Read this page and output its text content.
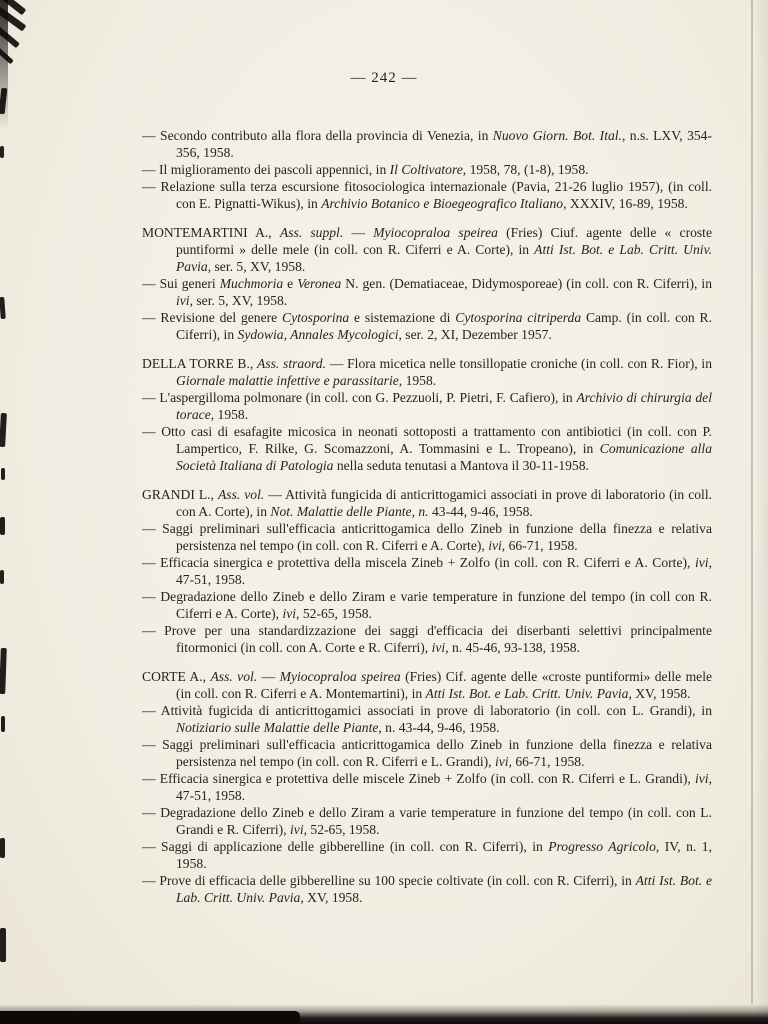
— 242 —

— Secondo contributo alla flora della provincia di Venezia, in Nuovo Giorn. Bot. Ital., n.s. LXV, 354-356, 1958.

— Il miglioramento dei pascoli appennici, in Il Coltivatore, 1958, 78, (1-8), 1958.

— Relazione sulla terza escursione fitosociologica internazionale (Pavia, 21-26 luglio 1957), (in coll. con E. Pignatti-Wikus), in Archivio Botanico e Bioegeografico Italiano, XXXIV, 16-89, 1958.

MONTEMARTINI A., Ass. suppl. — Myiocopraloa speirea (Fries) Ciuf. agente delle « croste puntiformi » delle mele (in coll. con R. Ciferri e A. Corte), in Atti Ist. Bot. e Lab. Critt. Univ. Pavia, ser. 5, XV, 1958.

— Sui generi Muchmoria e Veronea N. gen. (Dematiaceae, Didymosporeae) (in coll. con R. Ciferri), in ivi, ser. 5, XV, 1958.

— Revisione del genere Cytosporina e sistemazione di Cytosporina citriperda Camp. (in coll. con R. Ciferri), in Sydowia, Annales Mycologici, ser. 2, XI, Dezember 1957.

DELLA TORRE B., Ass. straord. — Flora micetica nelle tonsillopatie croniche (in coll. con R. Fior), in Giornale malattie infettive e parassitarie, 1958.

— L'aspergilloma polmonare (in coll. con G. Pezzuoli, P. Pietri, F. Cafiero), in Archivio di chirurgia del torace, 1958.

— Otto casi di esafagite micosica in neonati sottoposti a trattamento con antibiotici (in coll. con P. Lampertico, F. Rilke, G. Scomazzoni, A. Tommasini e L. Tropeano), in Comunicazione alla Società Italiana di Patologia nella seduta tenutasi a Mantova il 30-11-1958.

GRANDI L., Ass. vol. — Attività fungicida di anticrittogamici associati in prove di laboratorio (in coll. con A. Corte), in Not. Malattie delle Piante, n. 43-44, 9-46, 1958.

— Saggi preliminari sull'efficacia anticrittogamica dello Zineb in funzione della finezza e relativa persistenza nel tempo (in coll. con R. Ciferri e A. Corte), ivi, 66-71, 1958.

— Efficacia sinergica e protettiva della miscela Zineb + Zolfo (in coll. con R. Ciferri e A. Corte), ivi, 47-51, 1958.

— Degradazione dello Zineb e dello Ziram e varie temperature in funzione del tempo (in coll con R. Ciferri e A. Corte), ivi, 52-65, 1958.

— Prove per una standardizzazione dei saggi d'efficacia dei diserbanti selettivi principalmente fitormonici (in coll. con A. Corte e R. Ciferri), ivi, n. 45-46, 93-138, 1958.

CORTE A., Ass. vol. — Myiocopraloa speirea (Fries) Cif. agente delle «croste puntiformi» delle mele (in coll. con R. Ciferri e A. Montemartini), in Atti Ist. Bot. e Lab. Critt. Univ. Pavia, XV, 1958.

— Attività fugicida di anticrittogamici associati in prove di laboratorio (in coll. con L. Grandi), in Notiziario sulle Malattie delle Piante, n. 43-44, 9-46, 1958.

— Saggi preliminari sull'efficacia anticrittogamica dello Zineb in funzione della finezza e relativa persistenza nel tempo (in coll. con R. Ciferri e L. Grandi), ivi, 66-71, 1958.

— Efficacia sinergica e protettiva delle miscele Zineb + Zolfo (in coll. con R. Ciferri e L. Grandi), ivi, 47-51, 1958.

— Degradazione dello Zineb e dello Ziram a varie temperature in funzione del tempo (in coll. con L. Grandi e R. Ciferri), ivi, 52-65, 1958.

— Saggi di applicazione delle gibberelline (in coll. con R. Ciferri), in Progresso Agricolo, IV, n. 1, 1958.

— Prove di efficacia delle gibberelline su 100 specie coltivate (in coll. con R. Ciferri), in Atti Ist. Bot. e Lab. Critt. Univ. Pavia, XV, 1958.
